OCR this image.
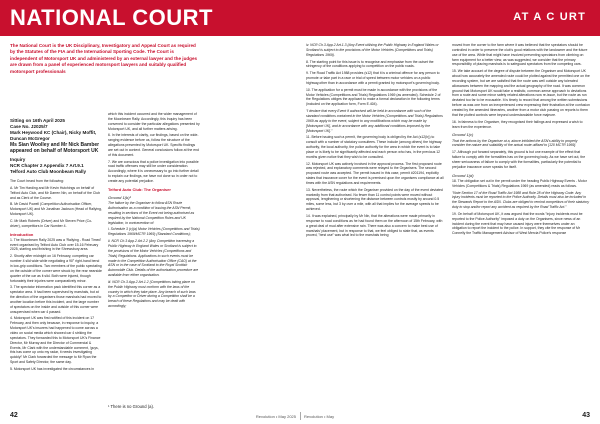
NATIONAL COURT	AT A C URT
The National Court is the UK Disciplinary, Investigatory and Appeal Court as required by the Statutes of the FIA and the International Sporting Code. The Court is independent of Motorsport UK and administered by an external lawyer and the judges are drawn from a panel of experienced motorsport lawyers and suitably qualified motorsport professionals

Sitting on 16th April 2025

Case No. J2025/7

Mark Heywood KC (Chair), Nicky Moffit, Duncan McGregor

Ms Sian Woolley and Mr Nick Bamber appeared on behalf of Motorsport UK

Inquiry

NCR Chapter 2 Appendix 7 Art.9.1

Telford Auto Club Moonbeam Rally

The Court heard from the following:

A. Mr Tim Harding and Mr Kevin Hutchings on behalf of Telford Auto Club, and Mr Darren Nin, on behalf of the Club and as Clerk of the Course.

B. Mr David Powell (Competition Authorisation Officer, Motorsport UK) and Mr Jonathan Jackson (Head of Rallying, Motorsport UK).

C. Mr Mark Roberts (Driver) and Mr Steven Price (Co-driver), competitors in Car Number 4.

Introduction

1. The Moonbeam Rally 2025 was a 'Rallying - Road Timed' event organised by Telford Auto Club over 15-16 February 2025, starting and finishing in the Shrewsbury area.

2. Shortly after midnight on 16 February, competing car number 4 slid wide while negotiating a 90° right-hand bend in low-grip conditions. Two members of the public spectating on the outside of the corner were struck by the rear nearside quarter of the car as it slid. Both were injured, though fortunately their injuries were comparatively minor.

3. The spectator information pack identified this corner as a spectator area. It had been supervised by marshals, but at the direction of the organisers those marshals had moved to another location before this incident, and the large number of spectators on the inside and outside of this corner were unsupervised when car 4 passed.

4. Motorsport UK was first notified of this incident on 17 February, and then only because, in response to inquiry, a Motorsport UK's insurers had happened to come across a video on social media which showed car 4 striking the spectators. They forwarded this to Motorsport UK's Finance Director, Mr Murray and the Director of Commercial & Events, Mr Clark with the understandable comment, 'guys, this has come up onto my radar, it needs investigating quickly!' Mr Clark forwarded the message to Mr Ryan the Sport and Safety Director, the same day.

5. Motorsport UK has investigated the circumstances in

which this incident occurred and the wider management of the Moonbeam Rally. Accordingly, this Inquiry has been convened to consider the particular allegations presented by Motorsport UK, and all further matters arising.

6. In the interests of clarity, our findings, based on the wide-ranging evidence before us, follow the structure of the allegations presented by Motorsport UK. Specific findings are set out in context. General conclusions follow at the end of this document.

7. We are conscious that a police investigation into possible road traffic offences may still be under consideration. Accordingly, where it is unnecessary to go into further detail to explain our findings, we have not done so in order not to create any potential prejudice.

Telford Auto Club: The Organiser

Ground 1(b)¹

The failure by the Organiser to follow ASN Route Authorisation as a condition of issuing the ASN Permit, resulting in sections of the Event not being authorised as required by the National Competition Rules and UK legislation, in contravention of:

i. Schedule 3 (c)(a) Motor Vehicles (Competitions and Trials) Regulations 1969/MCTR 1969) (Standard Conditions);

ii. NCR Ch.3 App.2 Art.2.2 (Any Competition traversing a Public Highway in England Wales or Scotland is subject to the provisions of the Motor Vehicles (Competitions and Trials) Regulations. Applications to such events must be made to the Competition Authorisation Office (CAO) at the ASN or in the case of Scotland to the Royal Scottish Automobile Club. Details of the authorisation procedure are available from either organisation.

iii. NCR Ch.3 App.2 Art.1.2 (Competitions taking place on the Public Highway must conform with the laws of the country in which they take place. Any breach of such laws by a Competitor or Driver during a Competition shall be a breach of these Regulations and may be dealt with accordingly;

iv. NCR Ch.3 App.2 Art.1.3 (Any Event utilising the Public Highway in England Wales or Scotland is subject to the provisions of the Motor Vehicles (Competitions and Trials) Regulations 1969).

8. The starting point for this issue is to recognise and emphasise from the outset the stringency of the conditions applying to competition on the public roads.

9. The Road Traffic Act 1988 provides (s12) that it is a criminal offence for any person to promote or take part in a race or trial of speed between motor vehicles on a public highway,other than in accordance with a permit granted by motorsport's governing body.

10. The application for a permit must be made in accordance with the provisions of the Motor Vehicles (Competitions and Trials) Regulations 1969 (as amended). Schedule 2 of the Regulations obliges the applicant to make a formal declaration in the following terms (included on the application form, Form E.404).

"I declare that every Event if authorised will be held in accordance with such of the standard conditions contained in the Motor Vehicles (Competitions and Trials) Regulations 1969 as apply to the event, subject to any modifications which may be made by [Motorsport UK], and in accordance with any additional conditions imposed by the [Motorsport UK]."

11. Before issuing such a permit, the governing body is obliged by the Act (s12(b)) to consult with a number of statutory consultees. These include (among others) the highway authority, the local authority, the police authority for the area in which the event is to take place or is likely to be significantly affected and each person who has, in the previous 12 months given notice that they wish to be consulted.

12. Motorsport UK was actively involved in the approval process. The first proposed route was rejected, and explanatory comments were relayed to the Organisers. The second proposed route was accepted. The permit issued in this case, permit #201194, explicitly states that insurance cover for the event is premised upon the organisers compliance at all times with the ASN regulations and requirements.

13. Nevertheless, the route which the Organiser provided on the day of the event deviated markedly from that authorised. No fewer than 11 control points were moved without approval, lengthening or shortening the distance between controls mostly by around 0.5 miles, some less, but 3 by over a mile, with all that implies for the average speeds to be achieved.

14. It was explained, principally by Mr Nin, that the alterations were made primarily in response to road conditions as he had found them on the afternoon of 15th February, with a great deal of mud after extensive rain. There was also a concern to make best use of marshals' placement, but in response to that, we feel obliged to state that, as events proved, "best use" was what led to the marshals being

moved from the corner to the farm where it was believed that the spectators should be controlled in order to preserve the club's good relations with the landowner and the future use of the area. While that might have involved preventing spectators from climbing on farm equipment for a better view, as was suggested, we consider that the primary responsibility of placing marshals is to safeguard spectators from the competing cars.

15. We take account of the degree of dispute between the Organiser and Motorsport UK about how accurately the amended route could be plotted against the permitted one on the recording system, but we are satisfied that the route was well outside any tolerated allowances between the mapping and the actual geography of the road. It was common ground that Motorsport UK would take a realistic, common-sense approach to deviations from a route and some minor safety related alterations now re-issue, but the route as run deviated too far to be excusable. It is timely to record that among the written submissions before us was one from an inexperienced crew expressing their frustration at the confusion created by the amended itineraries, another from a motor club passing on reports to them that the plotted controls were beyond understandable force majeure.

16. In fairness to the Organiser, they recognised their failings and expressed a wish to learn from the experience.

Ground 1(c)

That the actions by the Organiser at a, above inhibited the ASN's ability to properly consider the nature and suitability of the actual route utilised to [120 MCTR 1969].

17. Although put forward separately, this ground is but one example of the effect that failure to comply with the formalities has on the governing body. As we have set out, the sheer seriousness of failure to comply with the formalities, particularly the potential to prejudice insurance cover speaks for itself.

Ground 1(d)

18. The obligation set out in the permit under the heading Public Highway Events - Motor Vehicles (Competitions & Trials) Regulations 1969 (as amended) reads as follows.

"Note Section 17 of the Road Traffic Act 1988 and Rule 28 of the Highway Code. Any injury incidents must be reported to the Police Authority. Details must also be included in the Stewards Report to the ASN. Clubs are obliged to remind competitors of their statutory duty to stop and/or report any accident as required by the Road Traffic Act."

19. On behalf of Motorsport UK, it was argued that the words "injury incidents must be reported to the Police Authority" imposed a duty on the Organisers, since news of an incident during the event that may have caused injury were themselves under an obligation to report the incident to the police. In support, they cite the response of Mr Connelly the Traffic Management Advisor of West Mercia Police's response

¹ There is no Ground (a).
42	Revolution • May 2025	Revolution • May	43
